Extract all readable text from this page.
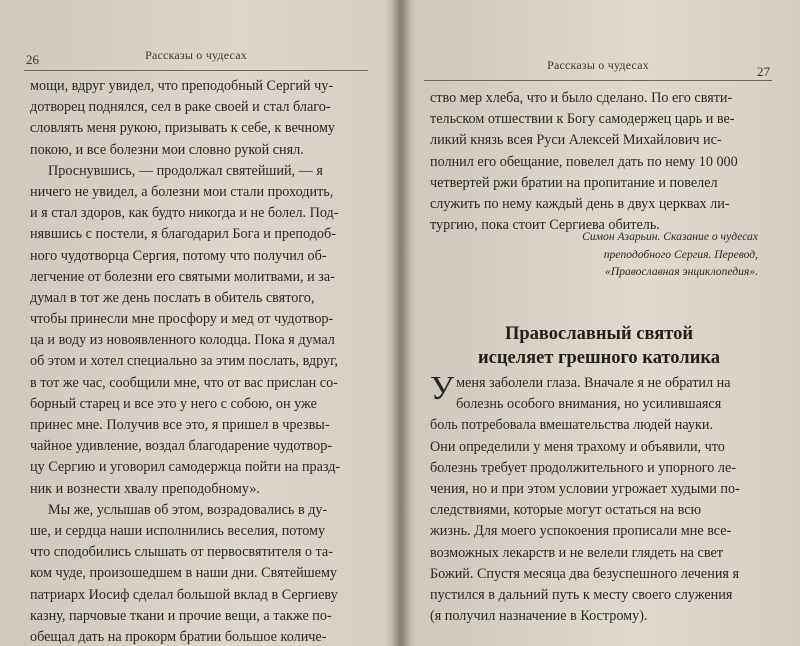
26	Рассказы о чудесах
мощи, вдруг увидел, что преподобный Сергий чу-
дотворец поднялся, сел в раке своей и стал благо-
словлять меня рукою, призывать к себе, к вечному
покою, и все болезни мои словно рукой снял.
Проснувшись, — продолжал святейший, — я
ничего не увидел, а болезни мои стали проходить,
и я стал здоров, как будто никогда и не болел. Под-
нявшись с постели, я благодарил Бога и преподоб-
ного чудотворца Сергия, потому что получил об-
легчение от болезни его святыми молитвами, и за-
думал в тот же день послать в обитель святого,
чтобы принесли мне просфору и мед от чудотвор-
ца и воду из новоявленного колодца. Пока я думал
об этом и хотел специально за этим послать, вдруг,
в тот же час, сообщили мне, что от вас прислан со-
борный старец и все это у него с собою, он уже
принес мне. Получив все это, я пришел в чрезвы-
чайное удивление, воздал благодарение чудотвор-
цу Сергию и уговорил самодержца пойти на празд-
ник и вознести хвалу преподобному».
Мы же, услышав об этом, возрадовались в ду-
ше, и сердца наши исполнились веселия, потому
что сподобились слышать от первосвятителя о та-
ком чуде, произошедшем в наши дни. Святейшему
патриарх Иосиф сделал большой вклад в Сергиеву
казну, парчовые ткани и прочие вещи, а также по-
обещал дать на прокорм братии большое количе-
Рассказы о чудесах	27
ство мер хлеба, что и было сделано. По его святи-
тельском отшествии к Богу самодержец царь и ве-
ликий князь всея Руси Алексей Михайлович ис-
полнил его обещание, повелел дать по нему 10 000
четвертей ржи братии на пропитание и повелел
служить по нему каждый день в двух церквах ли-
тургию, пока стоит Сергиева обитель.
Симон Азарьин. Сказание о чудесах
преподобного Сергия. Перевод,
«Православная энциклопедия».
Православный святой
исцеляет грешного католика
У меня заболели глаза. Вначале я не обратил на
болезнь особого внимания, но усилившаяся
боль потребовала вмешательства людей науки.
Они определили у меня трахому и объявили, что
болезнь требует продолжительного и упорного ле-
чения, но и при этом условии угрожает худыми по-
следствиями, которые могут остаться на всю
жизнь. Для моего успокоения прописали мне все-
возможных лекарств и не велели глядеть на свет
Божий. Спустя месяца два безуспешного лечения я
пустился в дальний путь к месту своего служения
(я получил назначение в Кострому).
